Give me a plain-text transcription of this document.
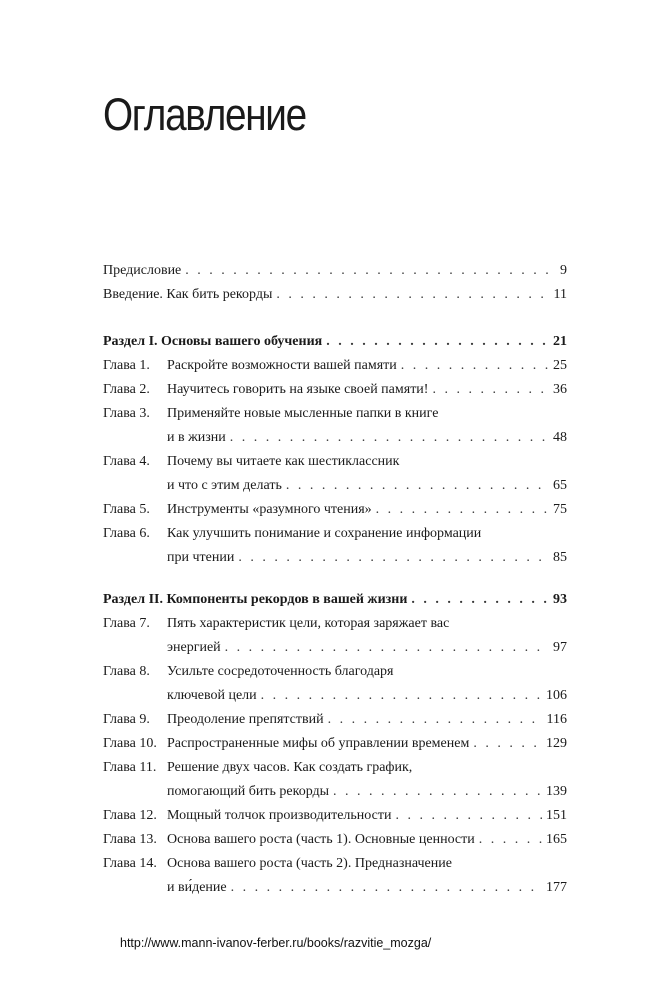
Оглавление
Предисловие . . .	9
Введение. Как бить рекорды . . .	11
Раздел I. Основы вашего обучения . . .	21
Глава 1. Раскройте возможности вашей памяти . . .	25
Глава 2. Научитесь говорить на языке своей памяти! . . .	36
Глава 3. Применяйте новые мысленные папки в книге
и в жизни . . .	48
Глава 4. Почему вы читаете как шестиклассник
и что с этим делать . . .	65
Глава 5. Инструменты «разумного чтения» . . .	75
Глава 6. Как улучшить понимание и сохранение информации
при чтении . . .	85
Раздел II. Компоненты рекордов в вашей жизни . . .	93
Глава 7. Пять характеристик цели, которая заряжает вас
энергией . . .	97
Глава 8. Усильте сосредоточенность благодаря
ключевой цели . . .	106
Глава 9. Преодоление препятствий . . .	116
Глава 10. Распространенные мифы об управлении временем . . .	129
Глава 11. Решение двух часов. Как создать график,
помогающий бить рекорды . . .	139
Глава 12. Мощный толчок производительности . . .	151
Глава 13. Основа вашего роста (часть 1). Основные ценности . . .	165
Глава 14. Основа вашего роста (часть 2). Предназначение
и ви́дение . . .	177
http://www.mann-ivanov-ferber.ru/books/razvitie_mozga/
